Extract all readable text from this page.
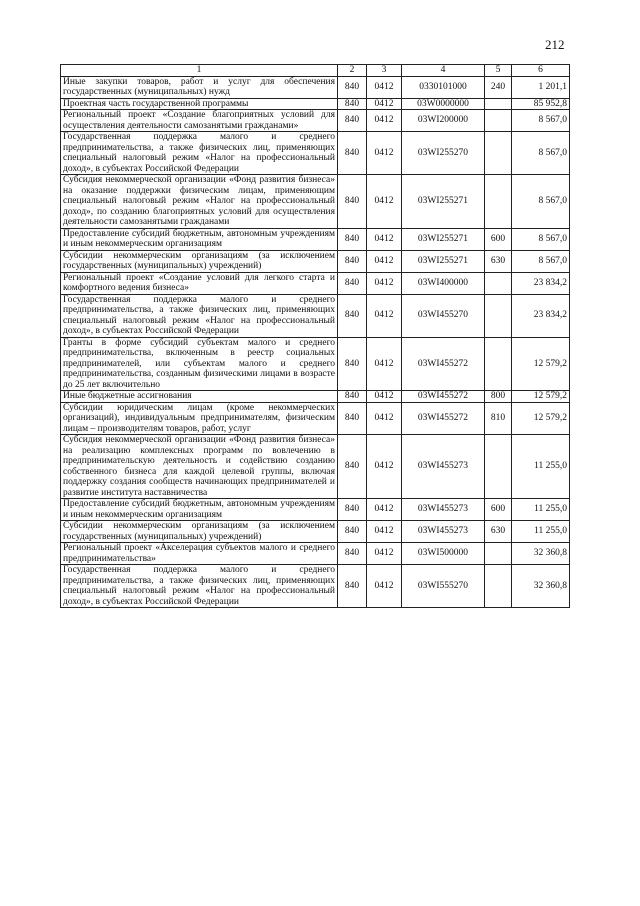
212
1	2	3	4	5	6
Иные закупки товаров, работ и услуг для обеспечения государственных (муниципальных) нужд	840	0412	0330101000	240	1 201,1
Проектная часть государственной программы	840	0412	03W0000000		85 952,8
Региональный проект «Создание благоприятных условий для осуществления деятельности самозанятыми гражданами»	840	0412	03WI200000		8 567,0
Государственная поддержка малого и среднего предпринимательства, а также физических лиц, применяющих специальный налоговый режим «Налог на профессиональный доход», в субъектах Российской Федерации	840	0412	03WI255270		8 567,0
Субсидия некоммерческой организации «Фонд развития бизнеса» на оказание поддержки физическим лицам, применяющим специальный налоговый режим «Налог на профессиональный доход», по созданию благоприятных условий для осуществления деятельности самозанятыми гражданами	840	0412	03WI255271		8 567,0
Предоставление субсидий бюджетным, автономным учреждениям и иным некоммерческим организациям	840	0412	03WI255271	600	8 567,0
Субсидии некоммерческим организациям (за исключением государственных (муниципальных) учреждений)	840	0412	03WI255271	630	8 567,0
Региональный проект «Создание условий для легкого старта и комфортного ведения бизнеса»	840	0412	03WI400000		23 834,2
Государственная поддержка малого и среднего предпринимательства, а также физических лиц, применяющих специальный налоговый режим «Налог на профессиональный доход», в субъектах Российской Федерации	840	0412	03WI455270		23 834,2
Гранты в форме субсидий субъектам малого и среднего предпринимательства, включенным в реестр социальных предпринимателей, или субъектам малого и среднего предпринимательства, созданным физическими лицами в возрасте до 25 лет включительно	840	0412	03WI455272		12 579,2
Иные бюджетные ассигнования	840	0412	03WI455272	800	12 579,2
Субсидии юридическим лицам (кроме некоммерческих организаций), индивидуальным предпринимателям, физическим лицам – производителям товаров, работ, услуг	840	0412	03WI455272	810	12 579,2
Субсидия некоммерческой организации «Фонд развития бизнеса» на реализацию комплексных программ по вовлечению в предпринимательскую деятельность и содействию созданию собственного бизнеса для каждой целевой группы, включая поддержку создания сообществ начинающих предпринимателей и развитие института наставничества	840	0412	03WI455273		11 255,0
Предоставление субсидий бюджетным, автономным учреждениям и иным некоммерческим организациям	840	0412	03WI455273	600	11 255,0
Субсидии некоммерческим организациям (за исключением государственных (муниципальных) учреждений)	840	0412	03WI455273	630	11 255,0
Региональный проект «Акселерация субъектов малого и среднего предпринимательства»	840	0412	03WI500000		32 360,8
Государственная поддержка малого и среднего предпринимательства, а также физических лиц, применяющих специальный налоговый режим «Налог на профессиональный доход», в субъектах Российской Федерации	840	0412	03WI555270		32 360,8
